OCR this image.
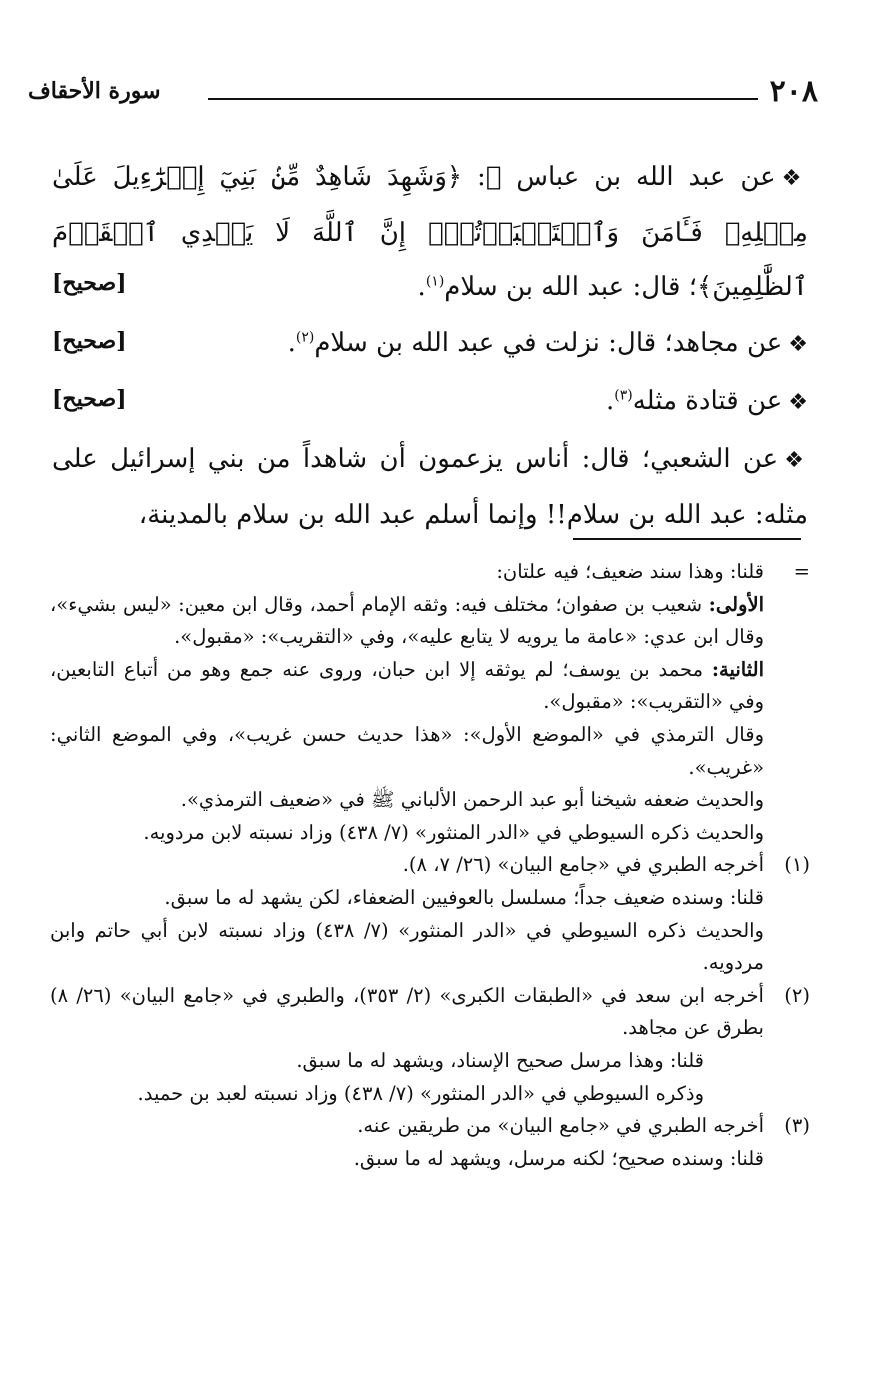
٢٠٨
سورة الأحقاف

❖عن عبد الله بن عباس ﷺ: ﴿وَشَهِدَ شَاهِدٌ مِّنۢ بَنِيٓ إِسۡرَٰٓءِيلَ عَلَىٰ مِثۡلِهِۦ فَـَٔامَنَ وَٱسۡتَكۡبَرۡتُمۡۚ إِنَّ ٱللَّهَ لَا يَهۡدِي ٱلۡقَوۡمَ ٱلظَّٰلِمِينَ﴾؛ قال: عبد الله بن سلام$^{(١)}$.
[صحيح]

❖عن مجاهد؛ قال: نزلت في عبد الله بن سلام$^{(٢)}$.
[صحيح]

❖عن قتادة مثله$^{(٣)}$.
[صحيح]

❖عن الشعبي؛ قال: أناس يزعمون أن شاهداً من بني إسرائيل على مثله: عبد الله بن سلام!! وإنما أسلم عبد الله بن سلام بالمدينة،

=

قلنا: وهذا سند ضعيف؛ فيه علتان:

الأولى: شعيب بن صفوان؛ مختلف فيه: وثقه الإمام أحمد، وقال ابن معين: «ليس بشيء»، وقال ابن عدي: «عامة ما يرويه لا يتابع عليه»، وفي «التقريب»: «مقبول».

الثانية: محمد بن يوسف؛ لم يوثقه إلا ابن حبان، وروى عنه جمع وهو من أتباع التابعين، وفي «التقريب»: «مقبول».

وقال الترمذي في «الموضع الأول»: «هذا حديث حسن غريب»، وفي الموضع الثاني: «غريب».

والحديث ضعفه شيخنا أبو عبد الرحمن الألباني ﷺ في «ضعيف الترمذي».

والحديث ذكره السيوطي في «الدر المنثور» (٧/ ٤٣٨) وزاد نسبته لابن مردويه.

(١)

أخرجه الطبري في «جامع البيان» (٢٦/ ٧، ٨).

قلنا: وسنده ضعيف جداً؛ مسلسل بالعوفيين الضعفاء، لكن يشهد له ما سبق.

والحديث ذكره السيوطي في «الدر المنثور» (٧/ ٤٣٨) وزاد نسبته لابن أبي حاتم وابن مردويه.

(٢)

أخرجه ابن سعد في «الطبقات الكبرى» (٢/ ٣٥٣)، والطبري في «جامع البيان» (٢٦/ ٨) بطرق عن مجاهد.

قلنا: وهذا مرسل صحيح الإسناد، ويشهد له ما سبق.

وذكره السيوطي في «الدر المنثور» (٧/ ٤٣٨) وزاد نسبته لعبد بن حميد.

(٣)

أخرجه الطبري في «جامع البيان» من طريقين عنه.

قلنا: وسنده صحيح؛ لكنه مرسل، ويشهد له ما سبق.
